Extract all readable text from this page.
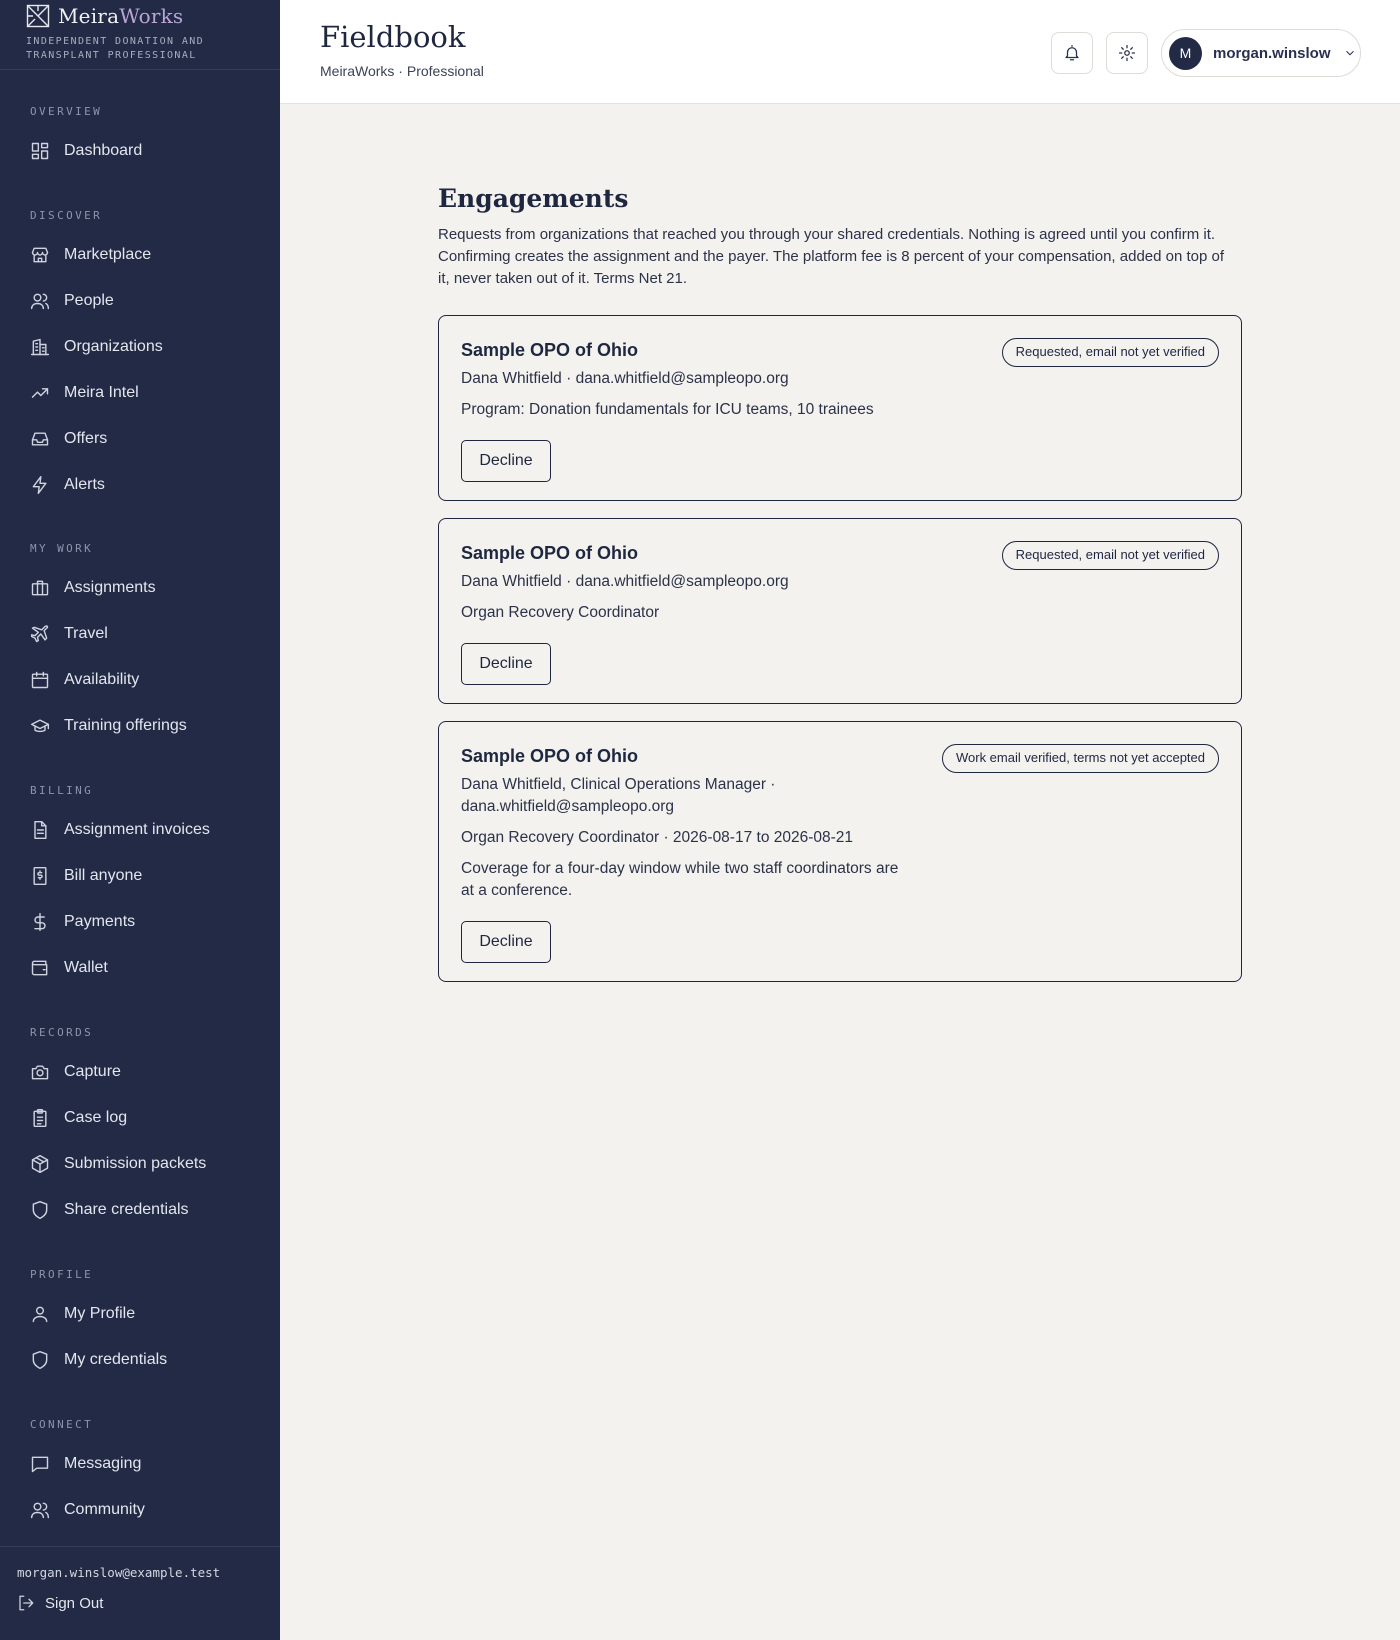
MeiraWorks
INDEPENDENT DONATION AND TRANSPLANT PROFESSIONAL
OVERVIEW
Dashboard
DISCOVER
Marketplace
People
Organizations
Meira Intel
Offers
Alerts
MY WORK
Assignments
Travel
Availability
Training offerings
BILLING
Assignment invoices
Bill anyone
Payments
Wallet
RECORDS
Capture
Case log
Submission packets
Share credentials
PROFILE
My Profile
My credentials
CONNECT
Messaging
Community
morgan.winslow@example.test
Sign Out
Fieldbook
MeiraWorks · Professional
M	morgan.winslow
Engagements

Requests from organizations that reached you through your shared credentials. Nothing is agreed until you confirm it. Confirming creates the assignment and the payer. The platform fee is 8 percent of your compensation, added on top of it, never taken out of it. Terms Net 21.

Sample OPO of Ohio
Dana Whitfield · dana.whitfield@sampleopo.org
Program: Donation fundamentals for ICU teams, 10 trainees
Requested, email not yet verified
Decline
Sample OPO of Ohio
Dana Whitfield · dana.whitfield@sampleopo.org
Organ Recovery Coordinator
Requested, email not yet verified
Decline
Sample OPO of Ohio
Dana Whitfield, Clinical Operations Manager · dana.whitfield@sampleopo.org
Organ Recovery Coordinator · 2026-08-17 to 2026-08-21
Coverage for a four-day window while two staff coordinators are at a conference.
Work email verified, terms not yet accepted
Decline
